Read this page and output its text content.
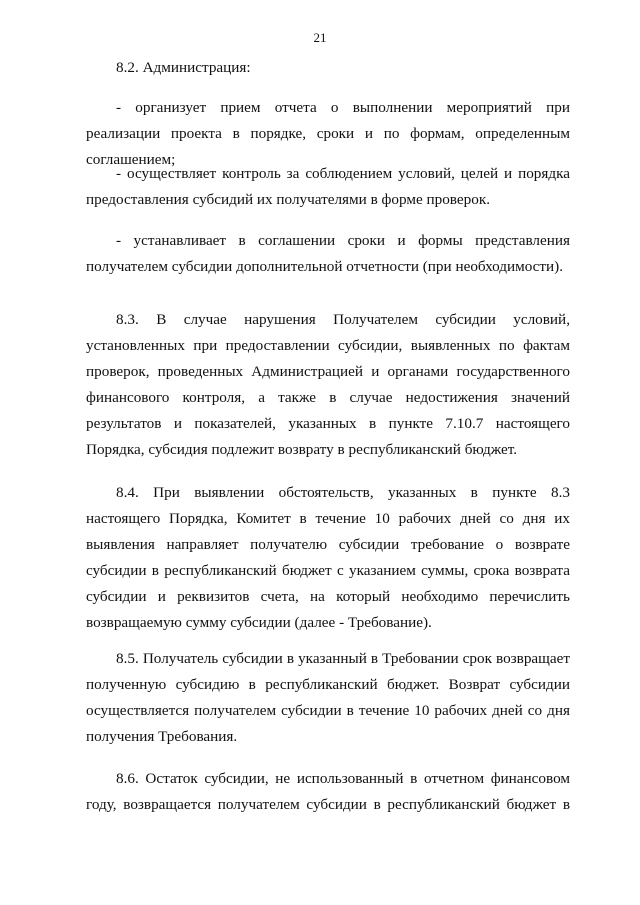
21

8.2. Администрация:

- организует прием отчета о выполнении мероприятий при реализации проекта в порядке, сроки и по формам, определенным соглашением;

- осуществляет контроль за соблюдением условий, целей и порядка предоставления субсидий их получателями в форме проверок.

- устанавливает в соглашении сроки и формы представления получателем субсидии дополнительной отчетности (при необходимости).

8.3. В случае нарушения Получателем субсидии условий, установленных при предоставлении субсидии, выявленных по фактам проверок, проведенных Администрацией и органами государственного финансового контроля, а также в случае недостижения значений результатов и показателей, указанных в пункте 7.10.7 настоящего Порядка, субсидия подлежит возврату в республиканский бюджет.

8.4. При выявлении обстоятельств, указанных в пункте 8.3 настоящего Порядка, Комитет в течение 10 рабочих дней со дня их выявления направляет получателю субсидии требование о возврате субсидии в республиканский бюджет с указанием суммы, срока возврата субсидии и реквизитов счета, на который необходимо перечислить возвращаемую сумму субсидии (далее - Требование).

8.5. Получатель субсидии в указанный в Требовании срок возвращает полученную субсидию в республиканский бюджет. Возврат субсидии осуществляется получателем субсидии в течение 10 рабочих дней со дня получения Требования.

8.6. Остаток субсидии, не использованный в отчетном финансовом году, возвращается получателем субсидии в республиканский бюджет в
